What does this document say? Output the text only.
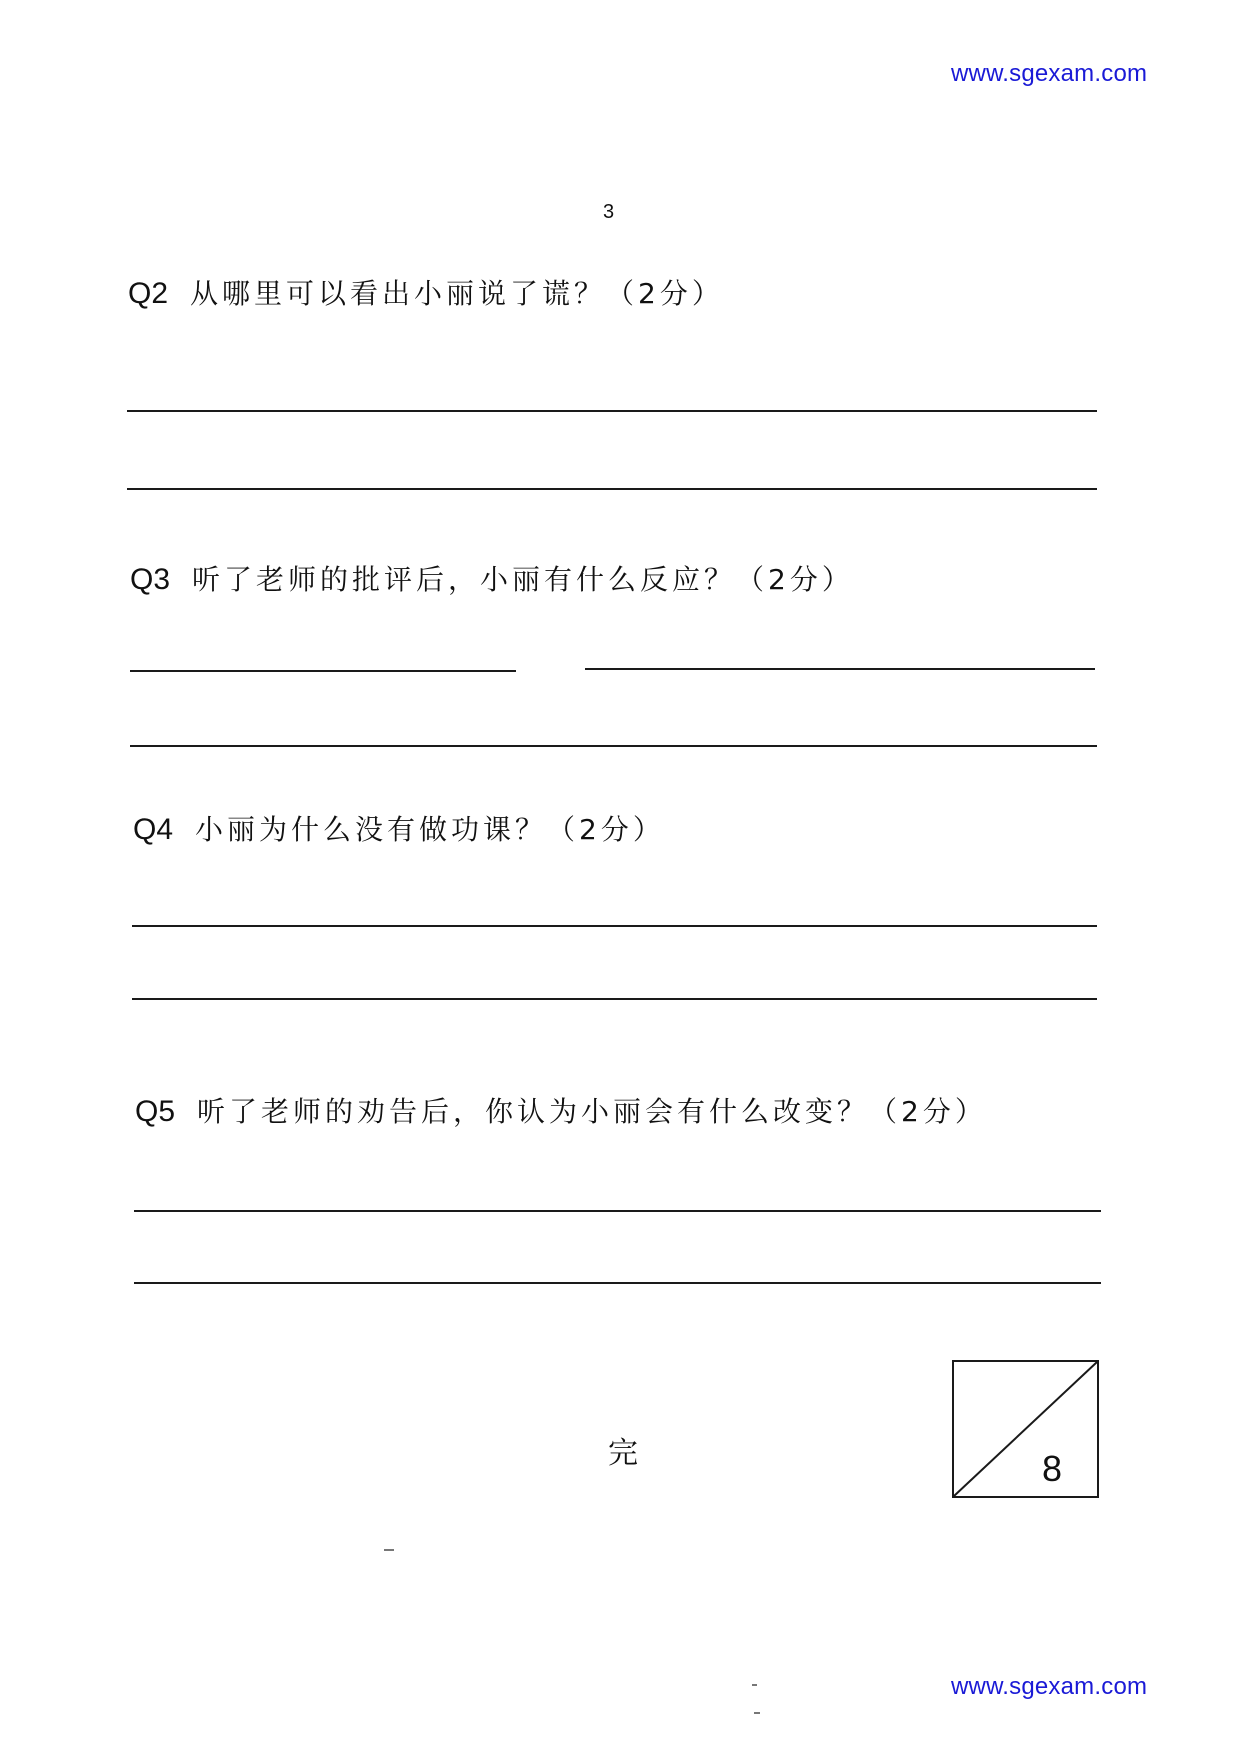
www.sgexam.com
3
Q2 从哪里可以看出小丽说了谎？（2分）
Q3 听了老师的批评后，小丽有什么反应？（2分）
Q4 小丽为什么没有做功课？（2分）
Q5 听了老师的劝告后，你认为小丽会有什么改变？（2分）
完	8
www.sgexam.com
